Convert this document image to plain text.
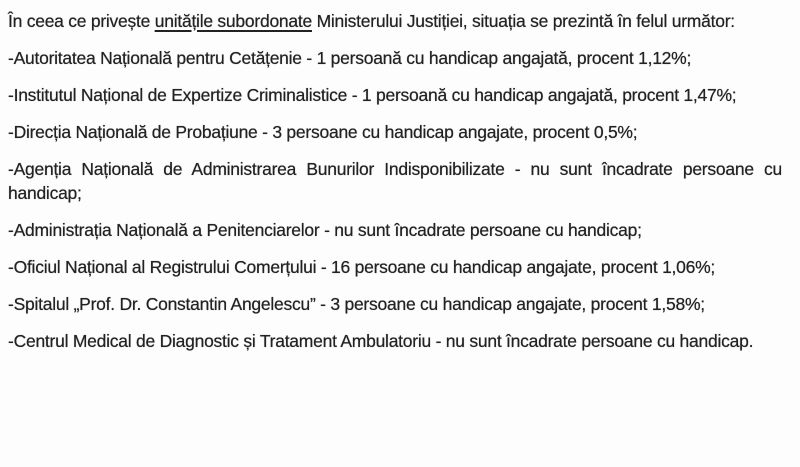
În ceea ce privește unitățile subordonate Ministerului Justiției, situația se prezintă în felul următor:

-Autoritatea Națională pentru Cetățenie - 1 persoană cu handicap angajată, procent 1,12%;

-Institutul Național de Expertize Criminalistice - 1 persoană cu handicap angajată, procent 1,47%;

-Direcția Națională de Probațiune - 3 persoane cu handicap angajate, procent 0,5%;

-Agenția Națională de Administrarea Bunurilor Indisponibilizate - nu sunt încadrate persoane cu handicap;

-Administrația Națională a Penitenciarelor - nu sunt încadrate persoane cu handicap;

-Oficiul Național al Registrului Comerțului - 16 persoane cu handicap angajate, procent 1,06%;

-Spitalul „Prof. Dr. Constantin Angelescu” - 3 persoane cu handicap angajate, procent 1,58%;

-Centrul Medical de Diagnostic și Tratament Ambulatoriu - nu sunt încadrate persoane cu handicap.
